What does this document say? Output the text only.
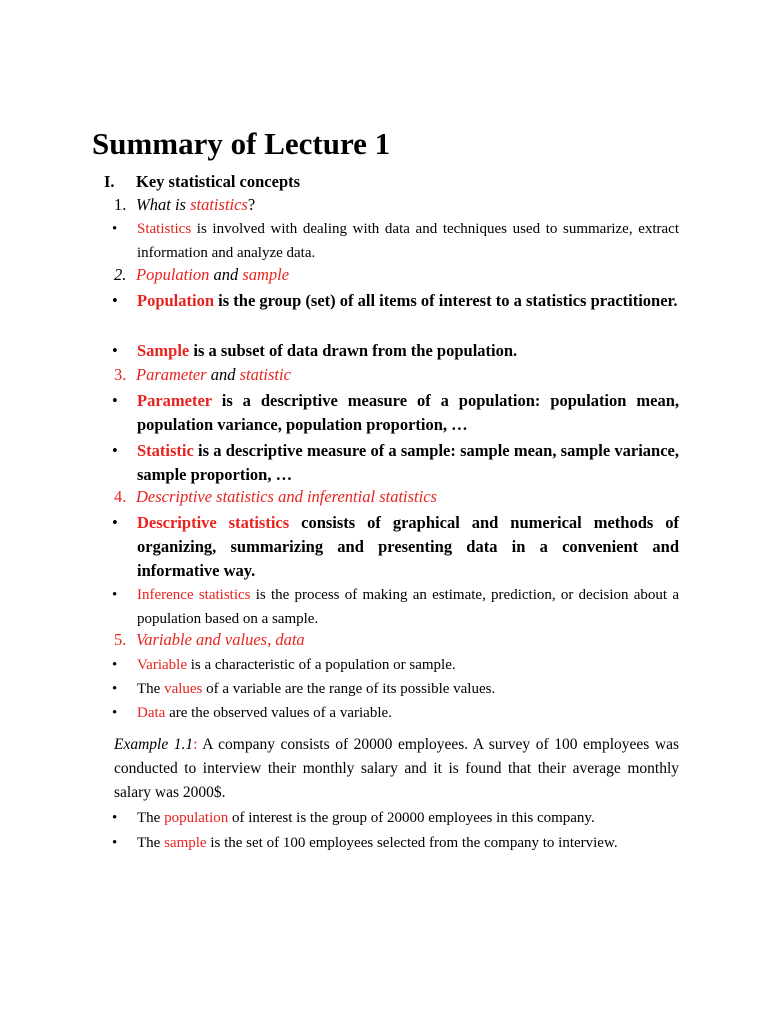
Summary of Lecture 1
I. Key statistical concepts
1. What is statistics?
• Statistics is involved with dealing with data and techniques used to summarize, extract information and analyze data.
2. Population and sample
• Population is the group (set) of all items of interest to a statistics practitioner.
• Sample is a subset of data drawn from the population.
3. Parameter and statistic
• Parameter is a descriptive measure of a population: population mean, population variance, population proportion, …
• Statistic is a descriptive measure of a sample: sample mean, sample variance, sample proportion, …
4. Descriptive statistics and inferential statistics
• Descriptive statistics consists of graphical and numerical methods of organizing, summarizing and presenting data in a convenient and informative way.
• Inference statistics is the process of making an estimate, prediction, or decision about a population based on a sample.
5. Variable and values, data
• Variable is a characteristic of a population or sample.
• The values of a variable are the range of its possible values.
• Data are the observed values of a variable.
Example 1.1: A company consists of 20000 employees. A survey of 100 employees was conducted to interview their monthly salary and it is found that their average monthly salary was 2000$.
• The population of interest is the group of 20000 employees in this company.
• The sample is the set of 100 employees selected from the company to interview.
